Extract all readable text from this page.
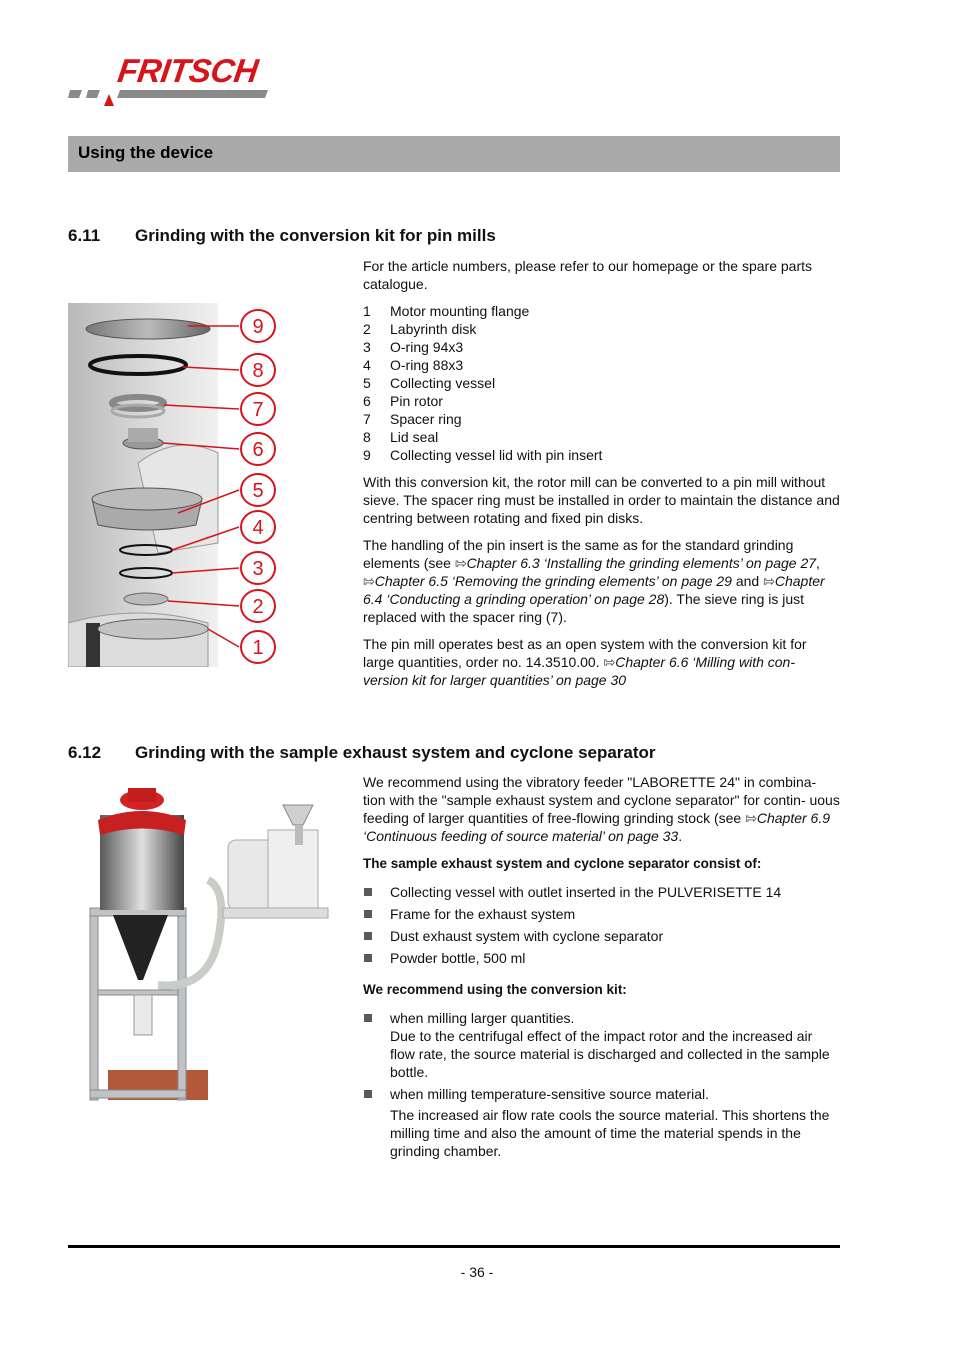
FRITSCH
Using the device
6.11 Grinding with the conversion kit for pin mills
9
8
7
6
5
4
3
2
1

For the article numbers, please refer to our homepage or the spare parts catalogue.

1	Motor mounting flange
2	Labyrinth disk
3	O-ring 94x3
4	O-ring 88x3
5	Collecting vessel
6	Pin rotor
7	Spacer ring
8	Lid seal
9	Collecting vessel lid with pin insert

With this conversion kit, the rotor mill can be converted to a pin mill without sieve. The spacer ring must be installed in order to maintain the distance and centring between rotating and fixed pin disks.

The handling of the pin insert is the same as for the standard grinding elements (see ⇰Chapter 6.3 ‘Installing the grinding elements’ on page 27, ⇰Chapter 6.5 ‘Removing the grinding elements’ on page 29 and ⇰Chapter 6.4 ‘Conducting a grinding operation’ on page 28). The sieve ring is just replaced with the spacer ring (7).

The pin mill operates best as an open system with the conversion kit for large quantities, order no. 14.3510.00. ⇰Chapter 6.6 ‘Milling with con- version kit for larger quantities’ on page 30

6.12 Grinding with the sample exhaust system and cyclone separator

We recommend using the vibratory feeder "LABORETTE 24" in combina- tion with the "sample exhaust system and cyclone separator" for contin- uous feeding of larger quantities of free-flowing grinding stock (see ⇰Chapter 6.9 ‘Continuous feeding of source material’ on page 33.

The sample exhaust system and cyclone separator consist of:

Collecting vessel with outlet inserted in the PULVERISETTE 14
Frame for the exhaust system
Dust exhaust system with cyclone separator
Powder bottle, 500 ml

We recommend using the conversion kit:

when milling larger quantities.
Due to the centrifugal effect of the impact rotor and the increased air flow rate, the source material is discharged and collected in the sample bottle.
when milling temperature-sensitive source material.

The increased air flow rate cools the source material. This shortens the milling time and also the amount of time the material spends in the grinding chamber.
- 36 -
